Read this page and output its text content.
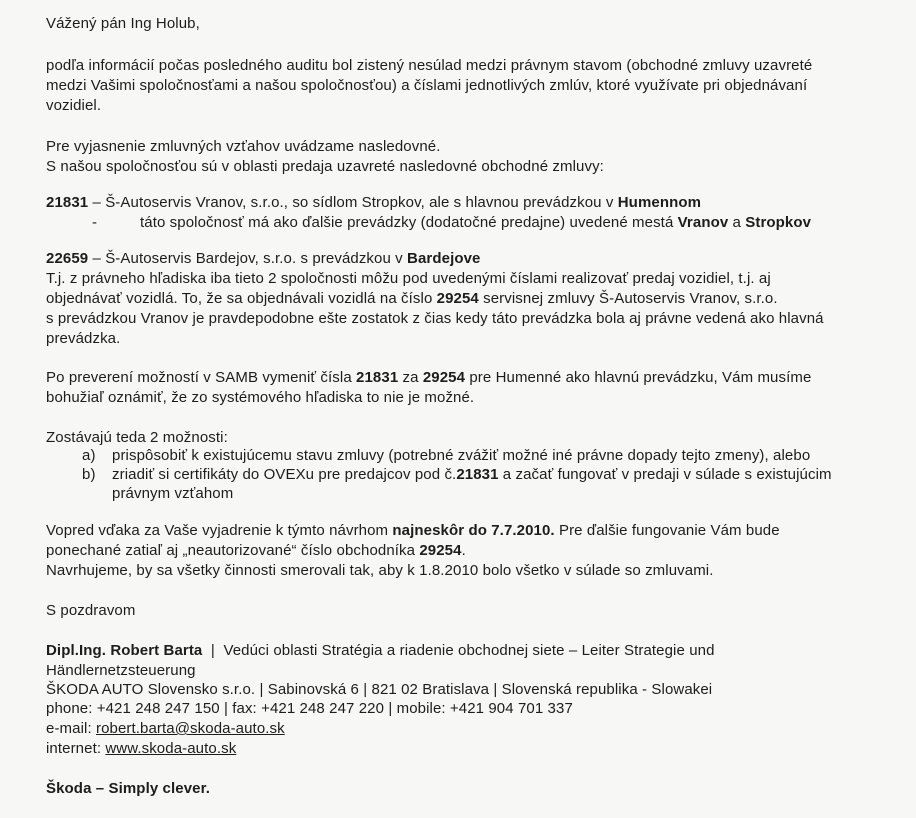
Vážený pán Ing Holub,
podľa informácií počas posledného auditu bol zistený nesúlad medzi právnym stavom (obchodné zmluvy uzavreté
medzi Vašimi spoločnosťami a našou spoločnosťou) a číslami jednotlivých zmlúv, ktoré využívate pri objednávaní
vozidiel.
Pre vyjasnenie zmluvných vzťahov uvádzame nasledovné.
S našou spoločnosťou sú v oblasti predaja uzavreté nasledovné obchodné zmluvy:
21831 – Š-Autoservis Vranov, s.r.o., so sídlom Stropkov, ale s hlavnou prevádzkou v Humennom
-	táto spoločnosť má ako ďalšie prevádzky (dodatočné predajne) uvedené mestá Vranov a Stropkov
22659 – Š-Autoservis Bardejov, s.r.o. s prevádzkou v Bardejove
T.j. z právneho hľadiska iba tieto 2 spoločnosti môžu pod uvedenými číslami realizovať predaj vozidiel, t.j. aj
objednávať vozidlá. To, že sa objednávali vozidlá na číslo 29254 servisnej zmluvy Š-Autoservis Vranov, s.r.o.
s prevádzkou Vranov je pravdepodobne ešte zostatok z čias kedy táto prevádzka bola aj právne vedená ako hlavná
prevádzka.
Po preverení možností v SAMB vymeniť čísla 21831 za 29254 pre Humenné ako hlavnú prevádzku, Vám musíme
bohužiaľ oznámiť, že zo systémového hľadiska to nie je možné.
Zostávajú teda 2 možnosti:
a) prispôsobiť k existujúcemu stavu zmluvy (potrebné zvážiť možné iné právne dopady tejto zmeny), alebo
b) zriadiť si certifikáty do OVEXu pre predajcov pod č.21831 a začať fungovať v predaji v súlade s existujúcim
právnym vzťahom
Vopred vďaka za Vaše vyjadrenie k týmto návrhom najneskôr do 7.7.2010. Pre ďalšie fungovanie Vám bude
ponechané zatiaľ aj „neautorizované“ číslo obchodníka 29254.
Navrhujeme, by sa všetky činnosti smerovali tak, aby k 1.8.2010 bolo všetko v súlade so zmluvami.
S pozdravom
Dipl.Ing. Robert Barta  |  Vedúci oblasti Stratégia a riadenie obchodnej siete – Leiter Strategie und
Händlernetzsteuerung
ŠKODA AUTO Slovensko s.r.o. | Sabinovská 6 | 821 02 Bratislava | Slovenská republika - Slowakei
phone: +421 248 247 150 | fax: +421 248 247 220 | mobile: +421 904 701 337
e-mail: robert.barta@skoda-auto.sk
internet: www.skoda-auto.sk
Škoda – Simply clever.
